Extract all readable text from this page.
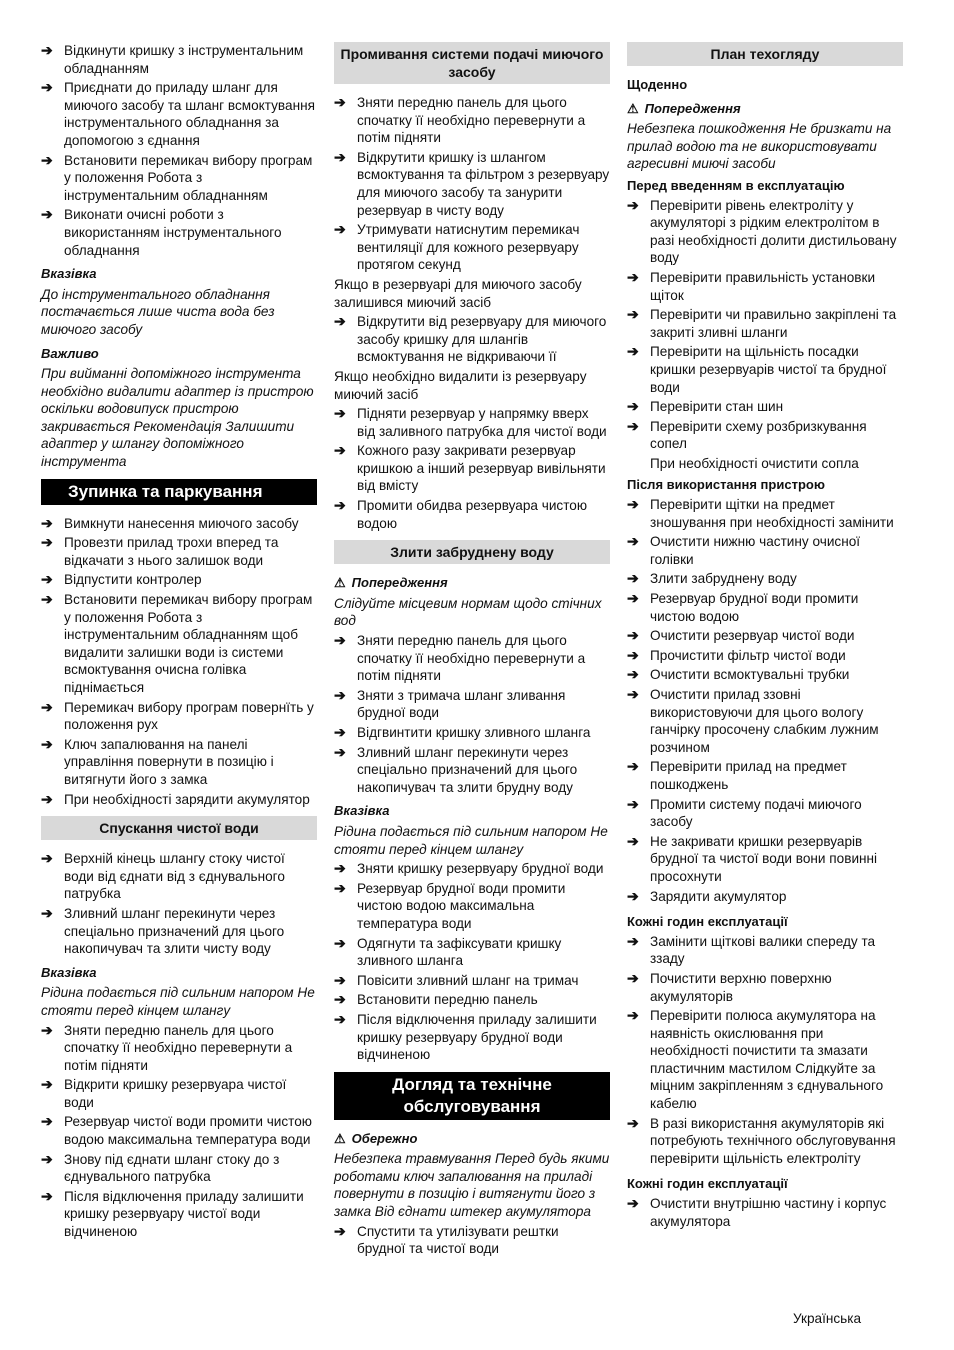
➔ Відкинути кришку з інструментальним обладнанням
➔ Приєднати до приладу шланг для миючого засобу та шланг всмоктування інструментального обладнання за допомогою з єднання
➔ Встановити перемикач вибору програм у положення Робота з інструментальним обладнанням
➔ Виконати очисні роботи з використанням інструментального обладнання
Вказівка
До інструментального обладнання постачається лише чиста вода без миючого засобу
Важливо
При вийманні допоміжного інструмента необхідно видалити адаптер із пристрою оскільки водовипуск пристрою закривається Рекомендація Залишити адаптер у шлангу допоміжного інструмента
Зупинка та паркування
➔ Вимкнути нанесення миючого засобу
➔ Провезти прилад трохи вперед та відкачати з нього залишок води
➔ Відпустити контролер
➔ Встановити перемикач вибору програм у положення Робота з інструментальним обладнанням щоб видалити залишки води із системи всмоктування очисна голівка піднімається
➔ Перемикач вибору програм повернїть у положення рух
➔ Ключ запалювання на панелі управління повернути в позицію і витягнути його з замка
➔ При необхідності зарядити акумулятор
Спускання чистої води
➔ Верхній кінець шлангу стоку чистої води від єднати від з єднувального патрубка
➔ Зливний шланг перекинути через спеціально призначений для цього накопичувач та злити чисту воду
Вказівка
Рідина подається під сильним напором Не стояти перед кінцем шлангу
➔ Зняти передню панель для цього спочатку її необхідно перевернути а потім підняти
➔ Відкрити кришку резервуара чистої води
➔ Резервуар чистої води промити чистою водою максимальна температура води
➔ Знову під єднати шланг стоку до з єднувального патрубка
➔ Після відключення приладу залишити кришку резервуару чистої води відчиненою
Промивання системи подачі миючого засобу
➔ Зняти передню панель для цього спочатку її необхідно перевернути а потім підняти
➔ Відкрутити кришку із шлангом всмоктування та фільтром з резервуару для миючого засобу та занурити резервуар в чисту воду
➔ Утримувати натиснутим перемикач вентиляції для кожного резервуару протягом секунд
Якщо в резервуарі для миючого засобу залишився миючий засіб
➔ Відкрутити від резервуару для миючого засобу кришку для шлангів всмоктування не відкриваючи її
Якщо необхідно видалити із резервуару миючий засіб
➔ Підняти резервуар у напрямку вверх від заливного патрубка для чистої води
➔ Кожного разу закривати резервуар кришкою а інший резервуар вивільняти від вмісту
➔ Промити обидва резервуара чистою водою
Злити забруднену воду
⚠ Попередження
Слідуйте місцевим нормам щодо стічних вод
➔ Зняти передню панель для цього спочатку її необхідно перевернути а потім підняти
➔ Зняти з тримача шланг зливання брудної води
➔ Відгвинтити кришку зливного шланга
➔ Зливний шланг перекинути через спеціально призначений для цього накопичувач та злити брудну воду
Вказівка
Рідина подається під сильним напором Не стояти перед кінцем шлангу
➔ Зняти кришку резервуару брудної води
➔ Резервуар брудної води промити чистою водою максимальна температура води
➔ Одягнути та зафіксувати кришку зливного шланга
➔ Повісити зливний шланг на тримач
➔ Встановити передню панель
➔ Після відключення приладу залишити кришку резервуару брудної води відчиненою
Догляд та технічне обслуговування
⚠ Обережно
Небезпека травмування Перед будь якими роботами ключ запалювання на приладі повернути в позицію і витягнути його з замка Від єднати штекер акумулятора
➔ Спустити та утилізувати рештки брудної та чистої води
План техогляду
Щоденно
⚠ Попередження
Небезпека пошкодження Не бризкати на прилад водою та не використовувати агресивні миючі засоби
Перед введенням в експлуатацію
➔ Перевірити рівень електроліту у акумуляторі з рідким електролітом в разі необхідності долити дистильовану воду
➔ Перевірити правильність установки щіток
➔ Перевірити чи правильно закріплені та закриті зливні шланги
➔ Перевірити на щільність посадки кришки резервуарів чистої та брудної води
➔ Перевірити стан шин
➔ Перевірити схему розбризкування сопел
При необхідності очистити сопла
Після використання пристрою
➔ Перевірити щітки на предмет зношування при необхідності замінити
➔ Очистити нижню частину очисної голівки
➔ Злити забруднену воду
➔ Резервуар брудної води промити чистою водою
➔ Очистити резервуар чистої води
➔ Прочистити фільтр чистої води
➔ Очистити всмоктувальні трубки
➔ Очистити прилад ззовні використовуючи для цього вологу ганчірку просочену слабким лужним розчином
➔ Перевірити прилад на предмет пошкоджень
➔ Промити систему подачі миючого засобу
➔ Не закривати кришки резервуарів брудної та чистої води вони повинні просохнути
➔ Зарядити акумулятор
Кожні годин експлуатації
➔ Замінити щіткові валики спереду та ззаду
➔ Почистити верхню поверхню акумуляторів
➔ Перевірити полюса акумулятора на наявність окислювання при необхідності почистити та змазати пластичним мастилом Слідкуйте за міцним закріпленням з єднувального кабелю
➔ В разі використання акумуляторів які потребують технічного обслуговування перевірити щільність електроліту
Кожні годин експлуатації
➔ Очистити внутрішню частину і корпус акумулятора
Українська
